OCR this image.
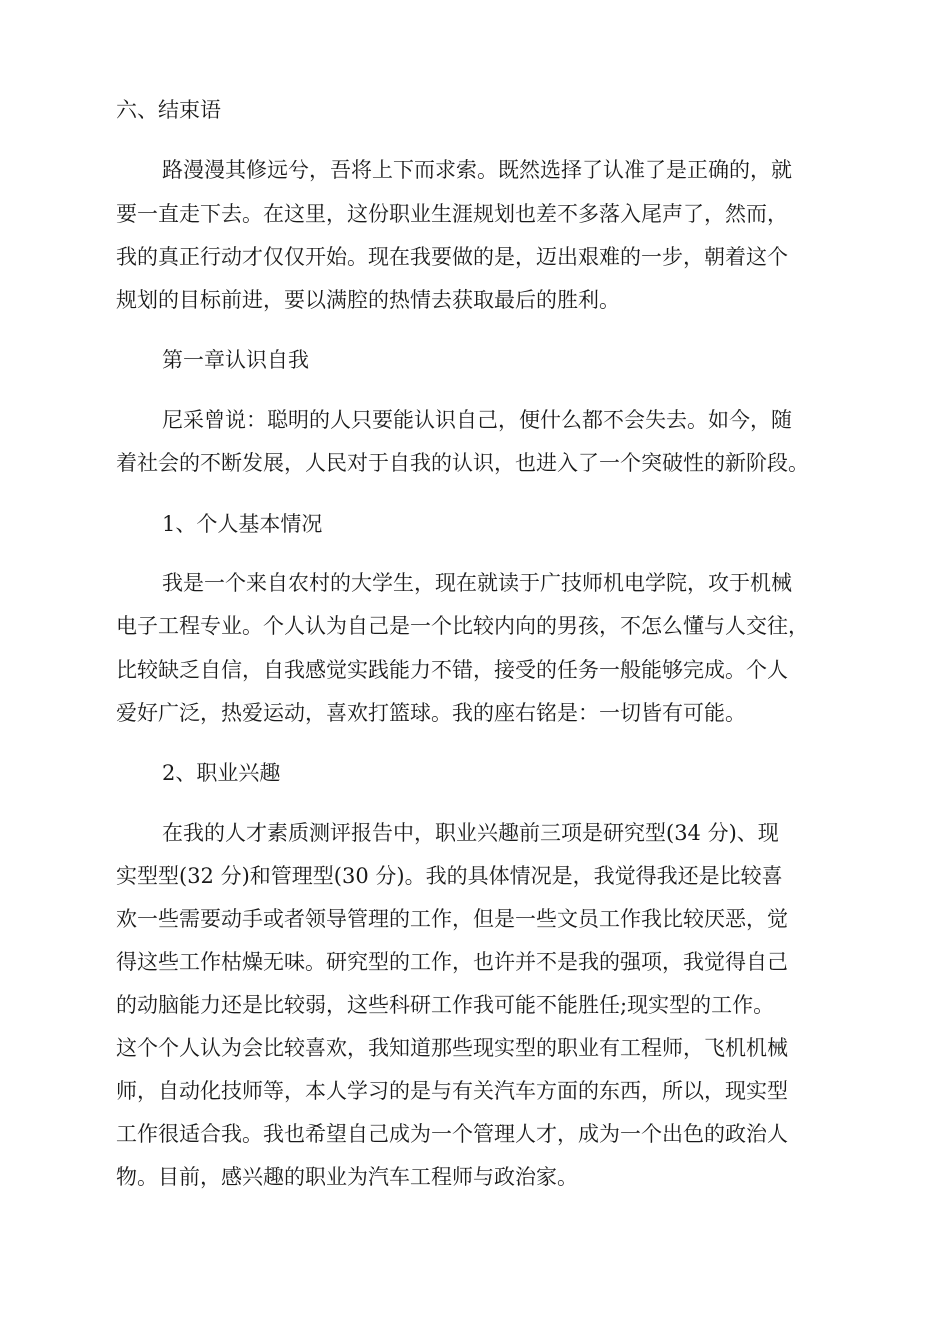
六、结束语

路漫漫其修远兮，吾将上下而求索。既然选择了认准了是正确的，就

要一直走下去。在这里，这份职业生涯规划也差不多落入尾声了，然而，

我的真正行动才仅仅开始。现在我要做的是，迈出艰难的一步，朝着这个

规划的目标前进，要以满腔的热情去获取最后的胜利。

第一章认识自我

尼采曾说：聪明的人只要能认识自己，便什么都不会失去。如今，随

着社会的不断发展，人民对于自我的认识，也进入了一个突破性的新阶段。

1、个人基本情况

我是一个来自农村的大学生，现在就读于广技师机电学院，攻于机械

电子工程专业。个人认为自己是一个比较内向的男孩，不怎么懂与人交往，

比较缺乏自信，自我感觉实践能力不错，接受的任务一般能够完成。个人

爱好广泛，热爱运动，喜欢打篮球。我的座右铭是：一切皆有可能。

2、职业兴趣

在我的人才素质测评报告中，职业兴趣前三项是研究型(34 分)、现

实型型(32 分)和管理型(30 分)。我的具体情况是，我觉得我还是比较喜

欢一些需要动手或者领导管理的工作，但是一些文员工作我比较厌恶，觉

得这些工作枯燥无味。研究型的工作，也许并不是我的强项，我觉得自己

的动脑能力还是比较弱，这些科研工作我可能不能胜任;现实型的工作。

这个个人认为会比较喜欢，我知道那些现实型的职业有工程师，飞机机械

师，自动化技师等，本人学习的是与有关汽车方面的东西，所以，现实型

工作很适合我。我也希望自己成为一个管理人才，成为一个出色的政治人

物。目前，感兴趣的职业为汽车工程师与政治家。
